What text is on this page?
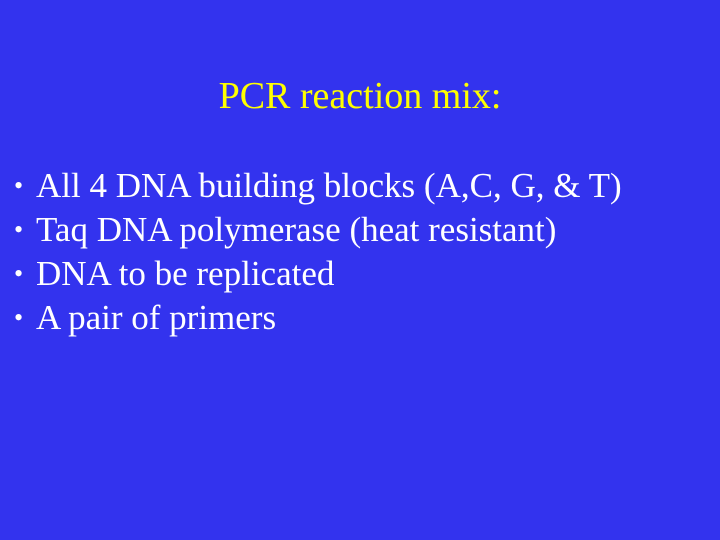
PCR reaction mix:
• All 4 DNA building blocks (A,C, G, & T)
• Taq DNA polymerase (heat resistant)
• DNA to be replicated
• A pair of primers
